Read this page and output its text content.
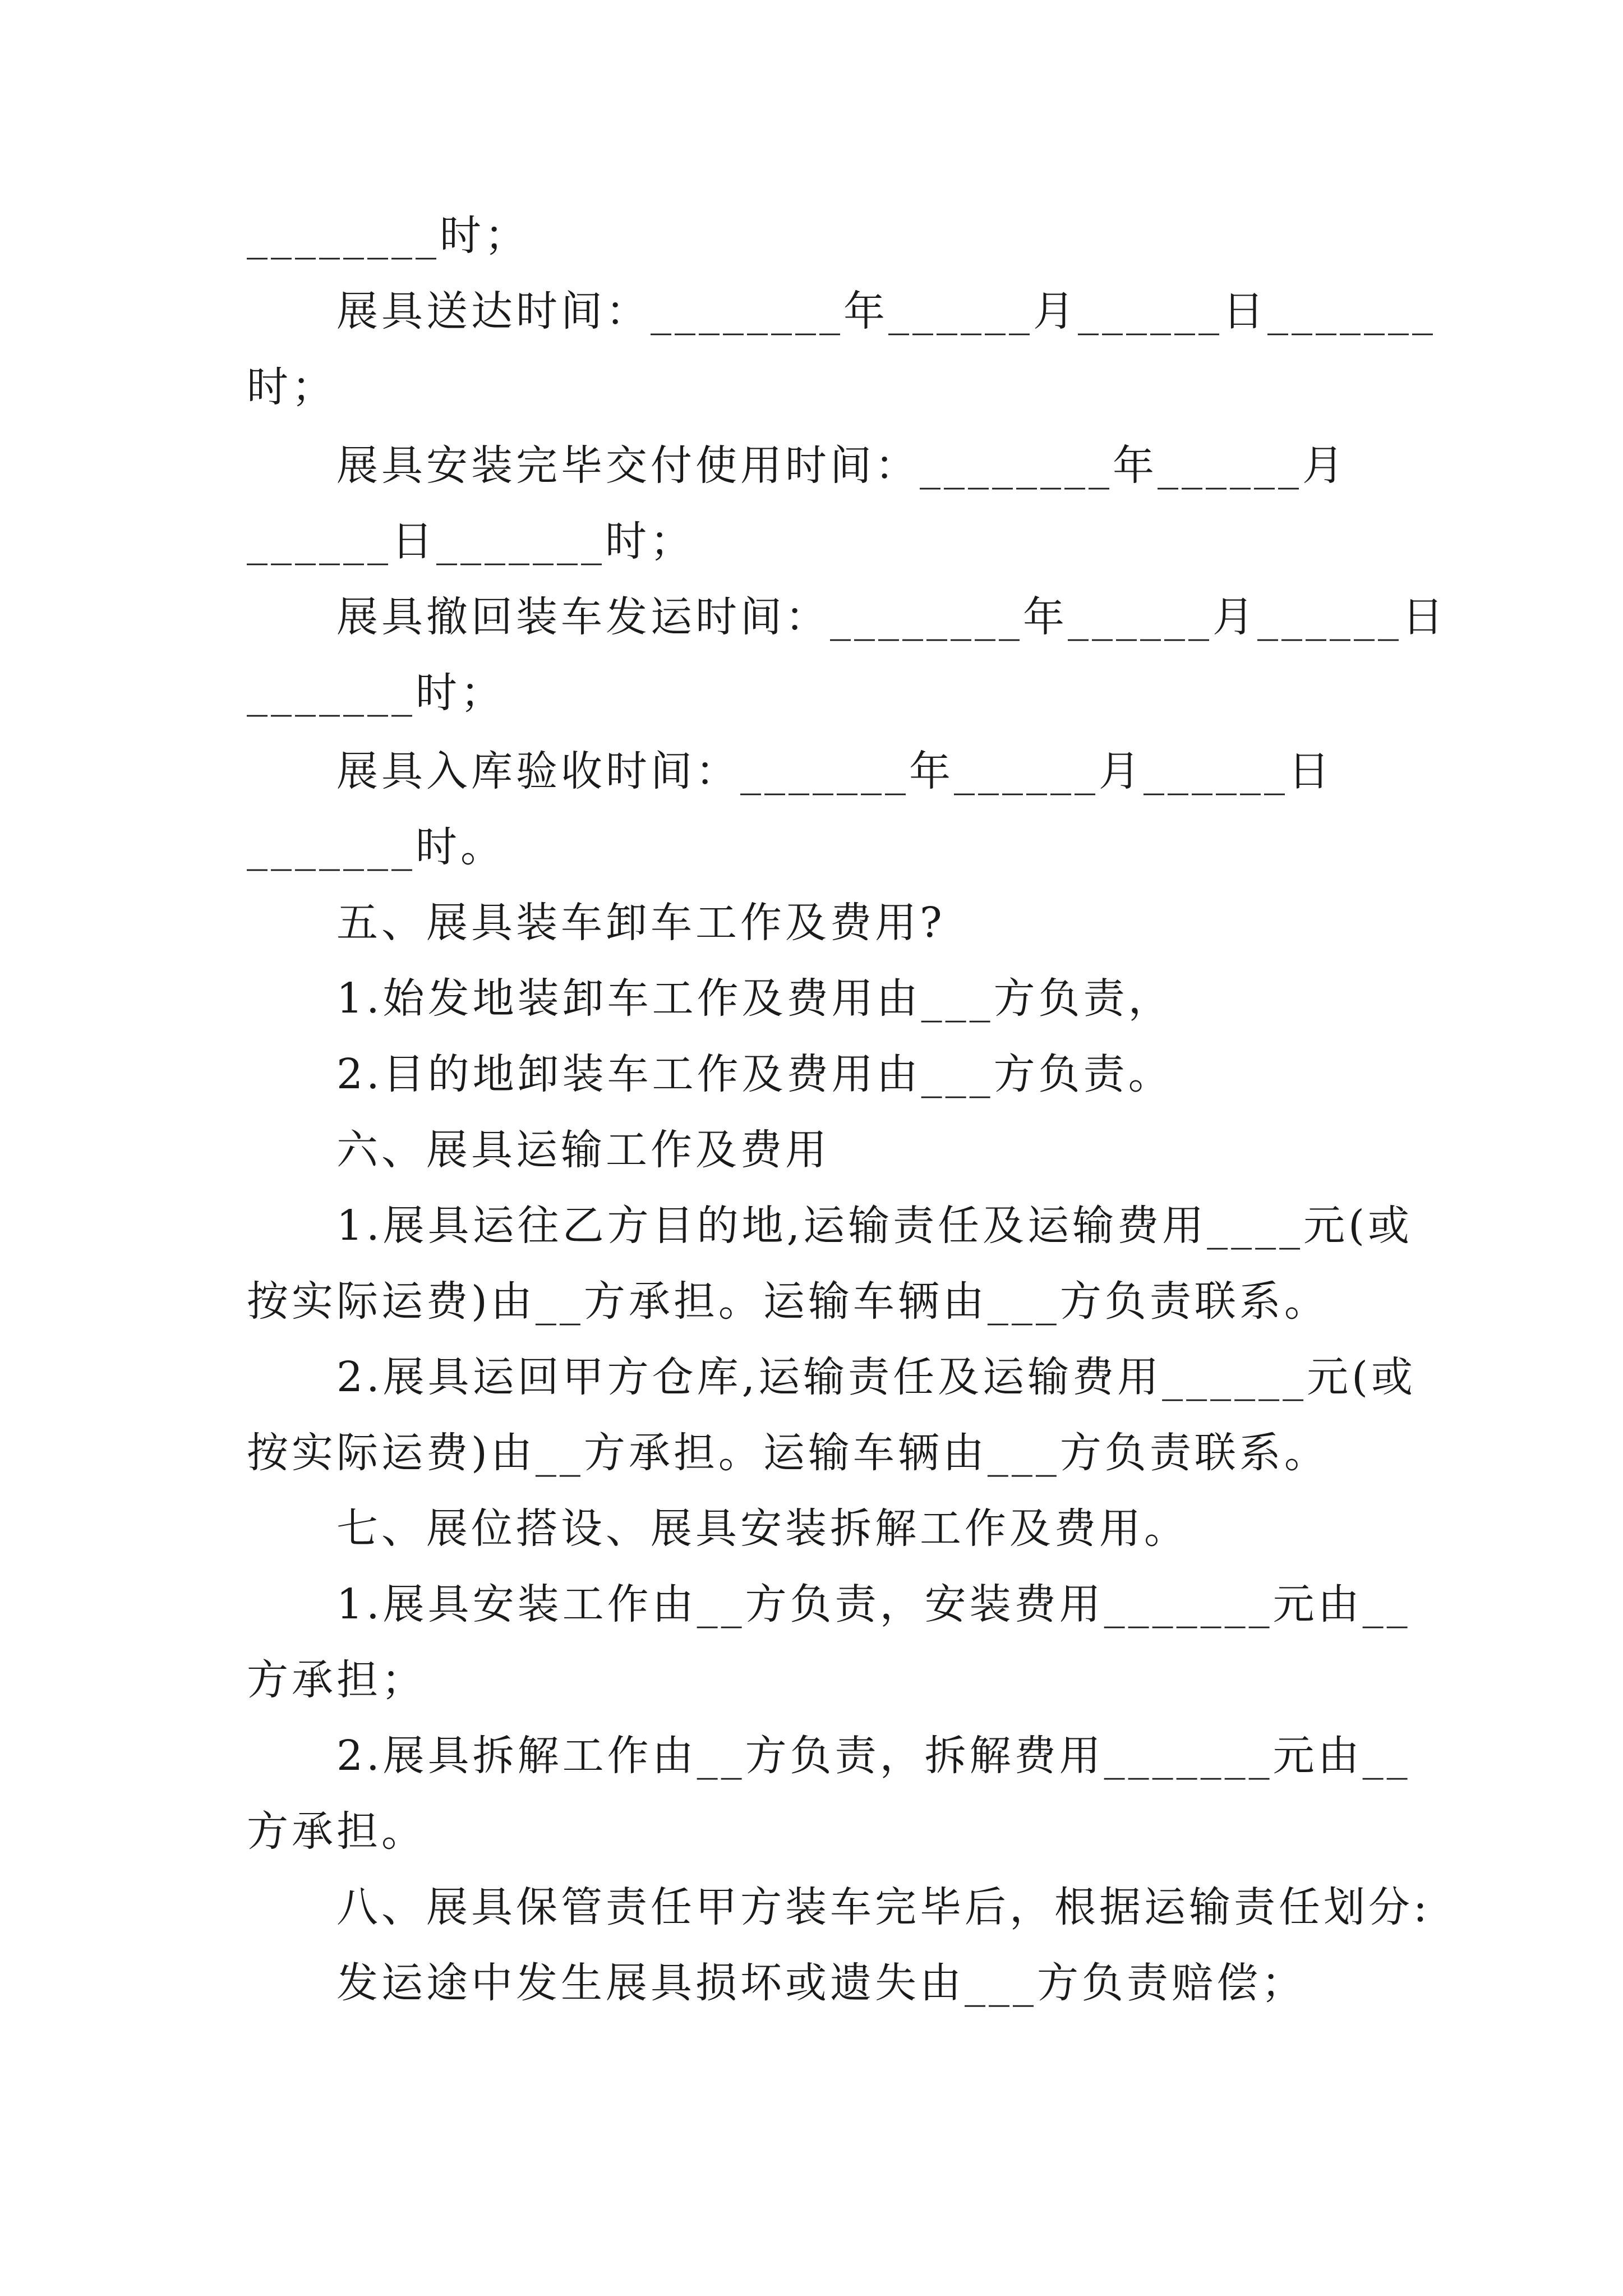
________时；
展具送达时间：________年______月______日_______
时；
展具安装完毕交付使用时间：________年______月
______日_______时；
展具撤回装车发运时间：________年______月______日
_______时；
展具入库验收时间：_______年______月______日
_______时。
五、展具装车卸车工作及费用?
1.始发地装卸车工作及费用由___方负责，
2.目的地卸装车工作及费用由___方负责。
六、展具运输工作及费用
1.展具运往乙方目的地,运输责任及运输费用____元(或
按实际运费)由__方承担。运输车辆由___方负责联系。
2.展具运回甲方仓库,运输责任及运输费用______元(或
按实际运费)由__方承担。运输车辆由___方负责联系。
七、展位搭设、展具安装拆解工作及费用。
1.展具安装工作由__方负责，安装费用_______元由__
方承担；
2.展具拆解工作由__方负责，拆解费用_______元由__
方承担。
八、展具保管责任甲方装车完毕后，根据运输责任划分:
发运途中发生展具损坏或遗失由___方负责赔偿；
